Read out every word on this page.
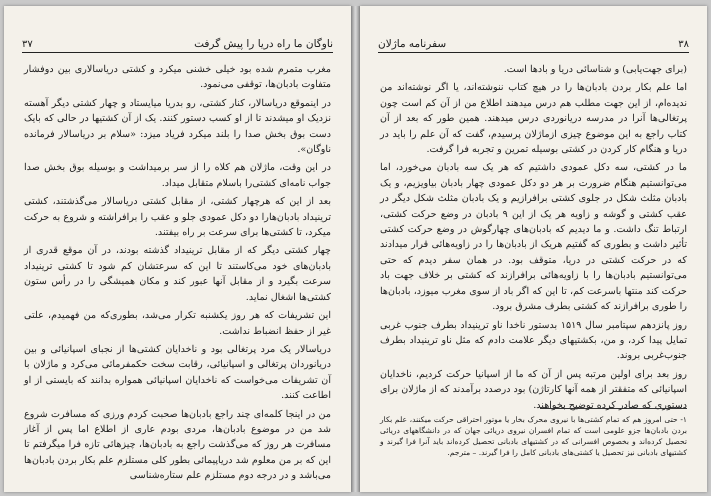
ناوگان ما راه دریا را پیش گرفت
۳۷

مغرب متمرم شده بود خیلی خشنی میکرد و کشتی دریاسالاری بین دوفشار متفاوت بادبان‌ها، توقفی می‌نمود.

در اینموقع دریاسالار، کنار کشتی، رو بدریا میایستاد و چهار کشتی دیگر آهسته نزدیک او میشدند تا از او کسب دستور کنند. یک از آن کشتیها در حالی که بایک دست بوق بخش صدا را بلند میکرد فریاد میزد: «سلام بر دریاسالار فرمانده ناوگان».

در این وقت، ماژلان هم کلاه را از سر برمیداشت و بوسیله بوق بخش صدا جواب نامه‌ای کشتی‌را باسلام متقابل میداد.

بعد از این که هرچهار کشتی، از مقابل کشتی دریاسالار می‌گذشتند، کشتی ترینیداد بادبان‌هارا دو دکل عمودی جلو و عقب را برافراشته و شروع به حرکت میکرد، تا کشتی‌ها برای سرعت بر راه بیفتند.

چهار کشتی دیگر که از مقابل ترینیداد گذشته بودند، در آن موقع قدری از بادبان‌های خود می‌کاستند تا این که سرعتشان کم شود تا کشتی ترینیداد سرعت بگیرد و از مقابل آنها عبور کند و مکان همیشگی را در رأس ستون کشتی‌ها اشغال نماید.

این تشریفات که هر روز یکشنبه تکرار می‌شد، بطوری‌که من فهمیدم، علتی غیر از حفظ انضباط نداشت.

دریاسالار یک مرد پرتغالی بود و ناخدایان کشتی‌ها از نجبای اسپانیائی و بین دریانوردان پرتغالی و اسپانیائی، رقابت سخت حکمفرمائی می‌کرد و ماژلان با آن تشریفات می‌خواست که ناخدایان اسپانیائی همواره بدانند که بایستی از او اطاعت کنند.

من در اینجا کلمه‌ای چند راجع بادبان‌ها صحبت کردم ورزی که مسافرت شروع شد من در موضوع بادبان‌ها، مردی بودم عاری از اطلاع اما پس از آغاز مسافرت هر روز که می‌گذشت راجع به بادبان‌ها، چیزهائی تازه فرا میگرفتم تا این که بر من معلوم شد دریاپیمائی بطور کلی مستلزم علم بکار بردن بادبان‌ها می‌باشد و در درجه دوم مستلزم علم ستاره‌شناسی

۳۸
سفرنامه ماژلان

(برای جهت‌یابی) و شناسائی دریا و بادها است.

اما علم بکار بردن بادبان‌ها را در هیچ کتاب ننوشته‌اند، یا اگر نوشته‌اند من ندیده‌ام، از این جهت مطلب هم درس میدهند اطلاع من از آن کم است چون پرتغالی‌ها آنرا در مدرسه دریانوردی درس میدهند. همین طور که بعد از آن کتاب راجع به این موضوع چیزی ازماژلان پرسیدم، گفت که آن علم را باید در دریا و هنگام کار کردن در کشتی بوسیله تمرین و تجربه فرا گرفت.

ما در کشتی، سه دکل عمودی داشتیم که هر یک سه بادبان می‌خورد، اما می‌توانستیم هنگام ضرورت بر هر دو دکل عمودی چهار بادبان بیاویزیم، و یک بادبان مثلث شکل در جلوی کشتی برافرازیم و یک بادبان مثلث شکل دیگر در عقب کشتی و گوشه و زاویه هر یک از این ۹ بادبان در وضع حرکت کشتی، ارتباط تنگ داشت. و ما دیدیم که بادبان‌های چهارگوش در وضع حرکت کشتی تأثیر داشت و بطوری که گفتیم هریک از بادبان‌ها را در زاویه‌هائی قرار میدادند که در حرکت کشتی در دریا، متوقف بود. در همان سفر دیدم که حتی می‌توانستیم بادبان‌ها را با زاویه‌هائی برافرازند که کشتی بر خلاف جهت باد حرکت کند منتها باسرعت کم، تا این که اگر باد از سوی مغرب میوزد، بادبان‌ها را طوری برافرازند که کشتی بطرف مشرق برود.

روز پانزدهم سپتامبر سال ۱۵۱۹ بدستور ناخدا ناو ترینیداد بطرف جنوب غربی تمایل پیدا کرد، و من، بکشتیهای دیگر علامت دادم که مثل ناو ترینیداد بطرف جنوب‌غربی بروند.

روز بعد برای اولین مرتبه پس از آن که ما از اسپانیا حرکت کردیم، ناخدایان اسپانیائی که متفقتر از همه آنها کارتاژن) بود درصدد برآمدند که از ماژلان برای دستوری که صادر کرده توضیح بخواهند.

۱- حتی امروز هم که تمام کشتی‌ها با نیروی محرک بخار یا موتور احتراقی حرکت میکنند، علم بکار بردن بادبان‌ها جزو علومی است که تمام افسران نیروی دریائی جهان که در دانشگاههای دریائی تحصیل کرده‌اند و بخصوص افسرانی که در کشتیهای بادبانی تحصیل کرده‌اند باید آنرا فرا گیرند و کشتیهای بادبانی نیز تحصیل یا کشتی‌های بادبانی کامل را فرا گیرند. – مترجم.
